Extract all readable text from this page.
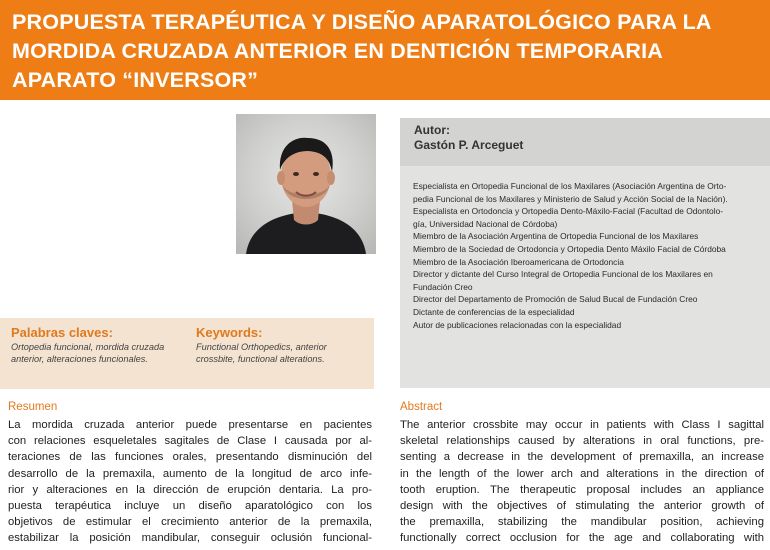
PROPUESTA TERAPÉUTICA Y DISEÑO APARATOLÓGICO PARA LA
MORDIDA CRUZADA ANTERIOR EN DENTICIÓN TEMPORARIA
APARATO “INVERSOR”
Autor:
Gastón P. Arceguet
Especialista en Ortopedia Funcional de los Maxilares (Asociación Argentina de Orto-
pedia Funcional de los Maxilares y Ministerio de Salud y Acción Social de la Nación).
Especialista en Ortodoncia y Ortopedia Dento-Máxilo-Facial (Facultad de Odontolo-
gía, Universidad Nacional de Córdoba)
Miembro de la Asociación Argentina de Ortopedia Funcional de los Maxilares
Miembro de la Sociedad de Ortodoncia y Ortopedia Dento Máxilo Facial de Córdoba
Miembro de la Asociación Iberoamericana de Ortodoncia
Director y dictante del Curso Integral de Ortopedia Funcional de los Maxilares en
Fundación Creo
Director del Departamento de Promoción de Salud Bucal de Fundación Creo
Dictante de conferencias de la especialidad
Autor de publicaciones relacionadas con la especialidad
Palabras claves:
Ortopedia funcional, mordida cruzada
anterior, alteraciones funcionales.
Keywords:
Functional Orthopedics, anterior
crossbite, functional alterations.
Resumen
La mordida cruzada anterior puede presentarse en pacientes
con relaciones esqueletales sagitales de Clase I causada por al-
teraciones de las funciones orales, presentando disminución del
desarrollo de la premaxila, aumento de la longitud de arco infe-
rior y alteraciones en la dirección de erupción dentaria. La pro-
puesta terapéutica incluye un diseño aparatológico con los
objetivos de estimular el crecimiento anterior de la premaxila,
estabilizar la posición mandibular, conseguir oclusión funcional-
Abstract
The anterior crossbite may occur in patients with Class I sagittal
skeletal relationships caused by alterations in oral functions, pre-
senting a decrease in the development of premaxilla, an increase
in the length of the lower arch and alterations in the direction of
tooth eruption. The therapeutic proposal includes an appliance
design with the objectives of stimulating the anterior growth of
the premaxilla, stabilizing the mandibular position, achieving
functionally correct occlusion for the age and collaborating with
